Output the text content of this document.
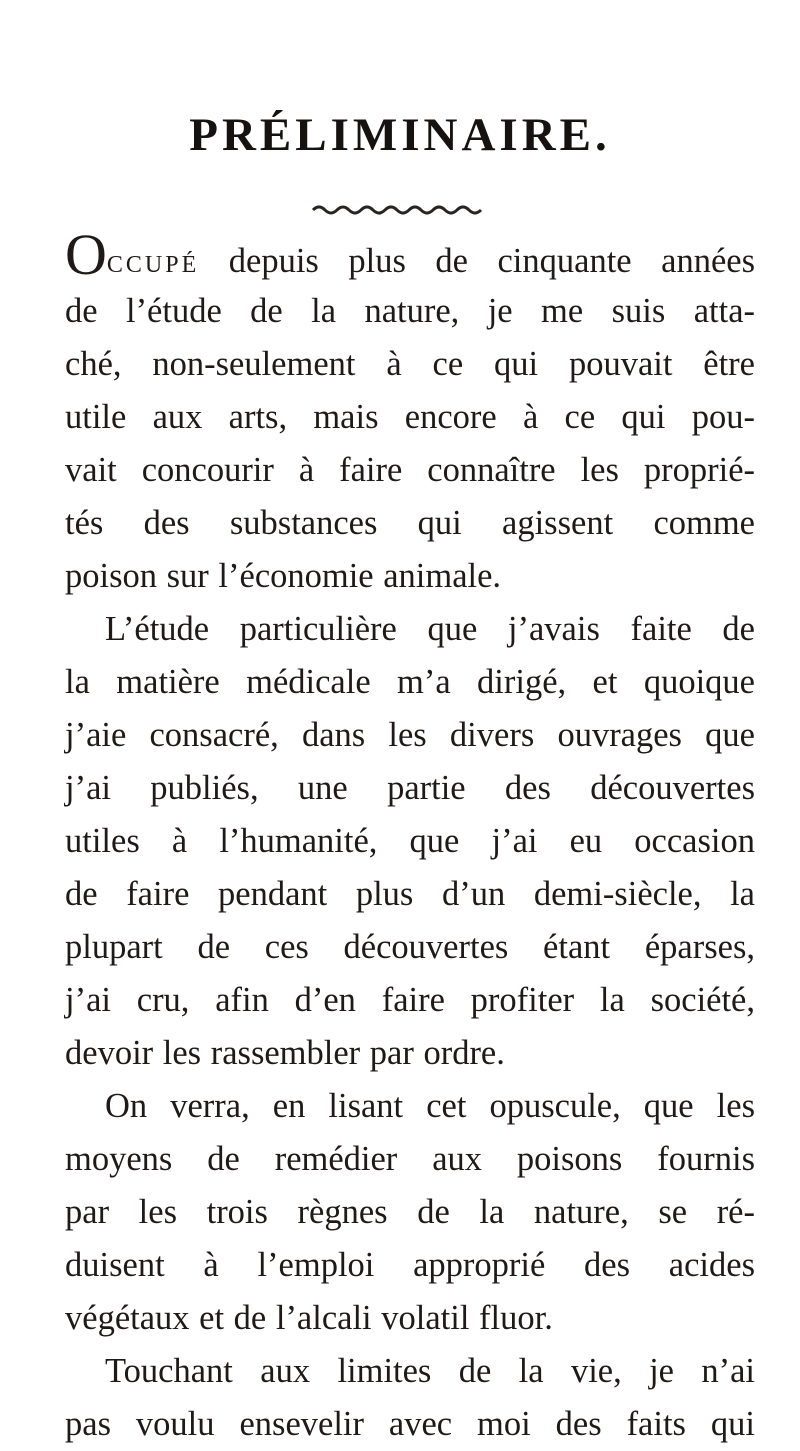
PRÉLIMINAIRE.
OCCUPÉ depuis plus de cinquante années
de l’étude de la nature, je me suis atta-
ché, non-seulement à ce qui pouvait être
utile aux arts, mais encore à ce qui pou-
vait concourir à faire connaître les proprié-
tés des substances qui agissent comme
poison sur l’économie animale.
L’étude particulière que j’avais faite de
la matière médicale m’a dirigé, et quoique
j’aie consacré, dans les divers ouvrages que
j’ai publiés, une partie des découvertes
utiles à l’humanité, que j’ai eu occasion
de faire pendant plus d’un demi-siècle, la
plupart de ces découvertes étant éparses,
j’ai cru, afin d’en faire profiter la société,
devoir les rassembler par ordre.
On verra, en lisant cet opuscule, que les
moyens de remédier aux poisons fournis
par les trois règnes de la nature, se ré-
duisent à l’emploi approprié des acides
végétaux et de l’alcali volatil fluor.
Touchant aux limites de la vie, je n’ai
pas voulu ensevelir avec moi des faits qui
